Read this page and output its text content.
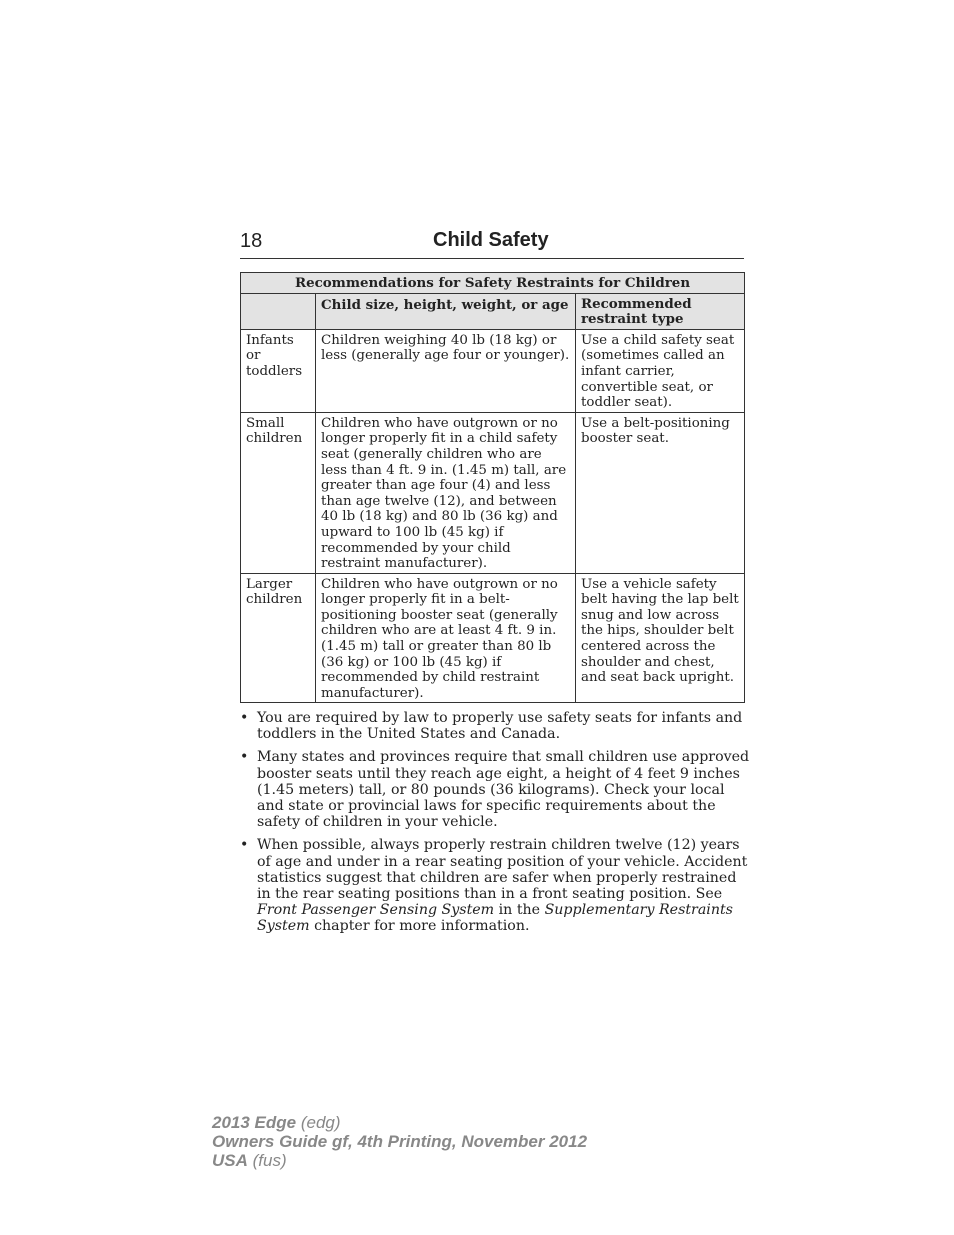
18	Child Safety
Recommendations for Safety Restraints for Children		
	Child size, height, weight, or age	Recommended restraint type
Infants or toddlers	Children weighing 40 lb (18 kg) or less (generally age four or younger).	Use a child safety seat (sometimes called an infant carrier, convertible seat, or toddler seat).
Small children	Children who have outgrown or no longer properly fit in a child safety seat (generally children who are less than 4 ft. 9 in. (1.45 m) tall, are greater than age four (4) and less than age twelve (12), and between 40 lb (18 kg) and 80 lb (36 kg) and upward to 100 lb (45 kg) if recommended by your child restraint manufacturer).	Use a belt-positioning booster seat.
Larger children	Children who have outgrown or no longer properly fit in a belt-positioning booster seat (generally children who are at least 4 ft. 9 in. (1.45 m) tall or greater than 80 lb (36 kg) or 100 lb (45 kg) if recommended by child restraint manufacturer).	Use a vehicle safety belt having the lap belt snug and low across the hips, shoulder belt centered across the shoulder and chest, and seat back upright.
• You are required by law to properly use safety seats for infants and toddlers in the United States and Canada.
• Many states and provinces require that small children use approved booster seats until they reach age eight, a height of 4 feet 9 inches (1.45 meters) tall, or 80 pounds (36 kilograms). Check your local and state or provincial laws for specific requirements about the safety of children in your vehicle.
• When possible, always properly restrain children twelve (12) years of age and under in a rear seating position of your vehicle. Accident statistics suggest that children are safer when properly restrained in the rear seating positions than in a front seating position. See Front Passenger Sensing System in the Supplementary Restraints System chapter for more information.
2013 Edge (edg)
Owners Guide gf, 4th Printing, November 2012
USA (fus)
